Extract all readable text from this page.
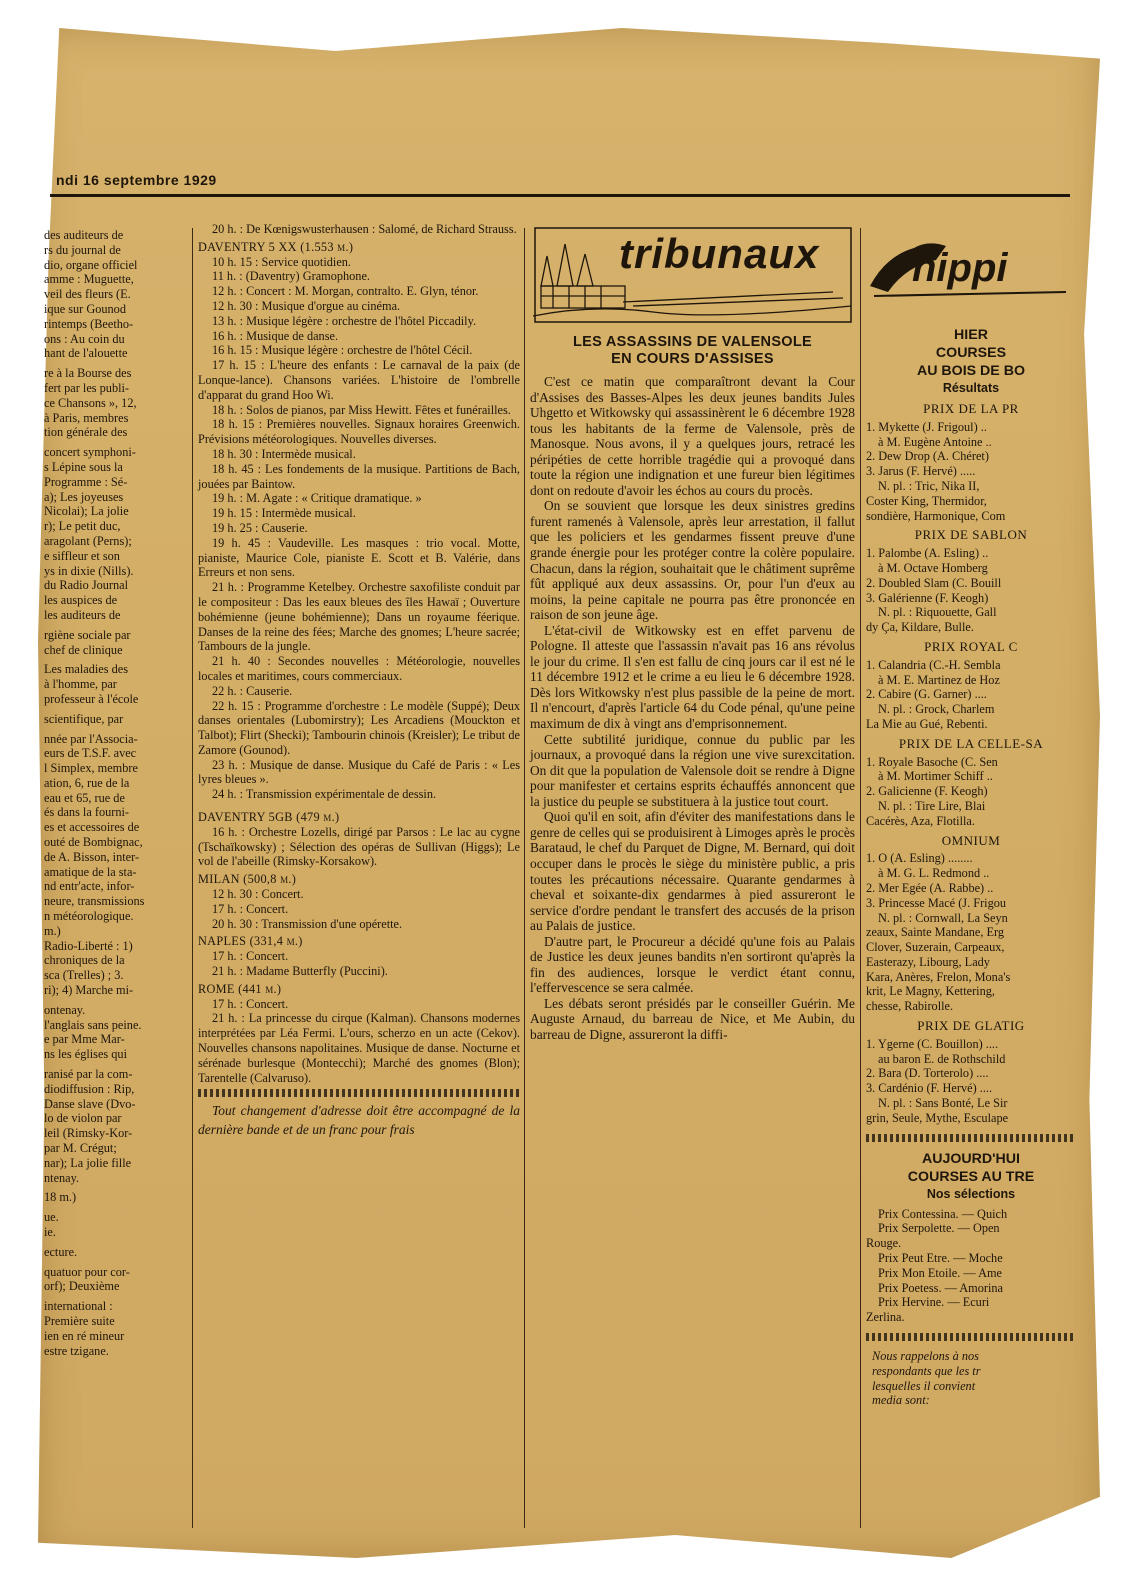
ndi 16 septembre 1929

des auditeurs de

rs du journal de

dio, organe officiel

amme : Muguette,

veil des fleurs (E.

ique sur Gounod

rintemps (Beetho-

ons : Au coin du

hant de l'alouette

re à la Bourse des

fert par les publi-

ce Chansons », 12,

à Paris, membres

tion générale des

concert symphoni-

s Lépine sous la

Programme : Sé-

a); Les joyeuses

Nicolai); La jolie

r); Le petit duc,

aragolant (Perns);

e siffleur et son

ys in dixie (Nills).

du Radio Journal

les auspices de

les auditeurs de

rgiène sociale par

chef de clinique

Les maladies des

à l'homme, par

professeur à l'école

scientifique, par

nnée par l'Associa-

eurs de T.S.F. avec

l Simplex, membre

ation, 6, rue de la

eau et 65, rue de

és dans la fourni-

es et accessoires de

outé de Bombignac,

de A. Bisson, inter-

amatique de la sta-

nd entr'acte, infor-

neure, transmissions

n météorologique.

m.)

Radio-Liberté : 1)

chroniques de la

sca (Trelles) ; 3.

ri); 4) Marche mi-

ontenay.

l'anglais sans peine.

e par Mme Mar-

ns les églises qui

ranisé par la com-

diodiffusion : Rip,

Danse slave (Dvo-

lo de violon par

leil (Rimsky-Kor-

par M. Crégut;

nar); La jolie fille

ntenay.

18 m.)

ue.

ie.

ecture.

quatuor pour cor-

orf); Deuxième

international :

Première suite

ien en ré mineur

estre tzigane.

20 h. : De Kœnigswusterhausen : Salomé, de Richard Strauss.

DAVENTRY 5 XX (1.553 m.)

10 h. 15 : Service quotidien.

11 h. : (Daventry) Gramophone.

12 h. : Concert : M. Morgan, contralto. E. Glyn, ténor.

12 h. 30 : Musique d'orgue au cinéma.

13 h. : Musique légère : orchestre de l'hôtel Piccadily.

16 h. : Musique de danse.

16 h. 15 : Musique légère : orchestre de l'hôtel Cécil.

17 h. 15 : L'heure des enfants : Le carnaval de la paix (de Lonque-lance). Chansons variées. L'histoire de l'ombrelle d'apparat du grand Hoo Wi.

18 h. : Solos de pianos, par Miss Hewitt. Fêtes et funérailles.

18 h. 15 : Premières nouvelles. Signaux horaires Greenwich. Prévisions météorologiques. Nouvelles diverses.

18 h. 30 : Intermède musical.

18 h. 45 : Les fondements de la musique. Partitions de Bach, jouées par Baintow.

19 h. : M. Agate : « Critique dramatique. »

19 h. 15 : Intermède musical.

19 h. 25 : Causerie.

19 h. 45 : Vaudeville. Les masques : trio vocal. Motte, pianiste, Maurice Cole, pianiste E. Scott et B. Valérie, dans Erreurs et non sens.

21 h. : Programme Ketelbey. Orchestre saxofiliste conduit par le compositeur : Das les eaux bleues des îles Hawaï ; Ouverture bohémienne (jeune bohémienne); Dans un royaume féerique. Danses de la reine des fées; Marche des gnomes; L'heure sacrée; Tambours de la jungle.

21 h. 40 : Secondes nouvelles : Météorologie, nouvelles locales et maritimes, cours commerciaux.

22 h. : Causerie.

22 h. 15 : Programme d'orchestre : Le modèle (Suppé); Deux danses orientales (Lubomirstry); Les Arcadiens (Mouckton et Talbot); Flirt (Shecki); Tambourin chinois (Kreisler); Le tribut de Zamore (Gounod).

23 h. : Musique de danse. Musique du Café de Paris : « Les lyres bleues ».

24 h. : Transmission expérimentale de dessin.

DAVENTRY 5GB (479 m.)

16 h. : Orchestre Lozells, dirigé par Parsos : Le lac au cygne (Tschaïkowsky) ; Sélection des opéras de Sullivan (Higgs); Le vol de l'abeille (Rimsky-Korsakow).

MILAN (500,8 m.)

12 h. 30 : Concert.

17 h. : Concert.

20 h. 30 : Transmission d'une opérette.

NAPLES (331,4 m.)

17 h. : Concert.

21 h. : Madame Butterfly (Puccini).

ROME (441 m.)

17 h. : Concert.

21 h. : La princesse du cirque (Kalman). Chansons modernes interprétées par Léa Fermi. L'ours, scherzo en un acte (Cekov). Nouvelles chansons napolitaines. Musique de danse. Nocturne et sérénade burlesque (Montecchi); Marché des gnomes (Blon); Tarentelle (Calvaruso).

Tout changement d'adresse doit être accompagné de la dernière bande et de un franc pour frais

tribunaux
LES ASSASSINS DE VALENSOLE
EN COURS D'ASSISES

C'est ce matin que comparaîtront devant la Cour d'Assises des Basses-Alpes les deux jeunes bandits Jules Uhgetto et Witkowsky qui assassinèrent le 6 décembre 1928 tous les habitants de la ferme de Valensole, près de Manosque. Nous avons, il y a quelques jours, retracé les péripéties de cette horrible tragédie qui a provoqué dans toute la région une indignation et une fureur bien légitimes dont on redoute d'avoir les échos au cours du procès.

On se souvient que lorsque les deux sinistres gredins furent ramenés à Valensole, après leur arrestation, il fallut que les policiers et les gendarmes fissent preuve d'une grande énergie pour les protéger contre la colère populaire. Chacun, dans la région, souhaitait que le châtiment suprême fût appliqué aux deux assassins. Or, pour l'un d'eux au moins, la peine capitale ne pourra pas être prononcée en raison de son jeune âge.

L'état-civil de Witkowsky est en effet parvenu de Pologne. Il atteste que l'assassin n'avait pas 16 ans révolus le jour du crime. Il s'en est fallu de cinq jours car il est né le 11 décembre 1912 et le crime a eu lieu le 6 décembre 1928. Dès lors Witkowsky n'est plus passible de la peine de mort. Il n'encourt, d'après l'article 64 du Code pénal, qu'une peine maximum de dix à vingt ans d'emprisonnement.

Cette subtilité juridique, connue du public par les journaux, a provoqué dans la région une vive surexcitation. On dit que la population de Valensole doit se rendre à Digne pour manifester et certains esprits échauffés annoncent que la justice du peuple se substituera à la justice tout court.

Quoi qu'il en soit, afin d'éviter des manifestations dans le genre de celles qui se produisirent à Limoges après le procès Barataud, le chef du Parquet de Digne, M. Bernard, qui doit occuper dans le procès le siège du ministère public, a pris toutes les précautions nécessaire. Quarante gendarmes à cheval et soixante-dix gendarmes à pied assureront le service d'ordre pendant le transfert des accusés de la prison au Palais de justice.

D'autre part, le Procureur a décidé qu'une fois au Palais de Justice les deux jeunes bandits n'en sortiront qu'après la fin des audiences, lorsque le verdict étant connu, l'effervescence se sera calmée.

Les débats seront présidés par le conseiller Guérin. Me Auguste Arnaud, du barreau de Nice, et Me Aubin, du barreau de Digne, assureront la diffi-

hippi

HIER

COURSES

AU BOIS DE BO

Résultats

PRIX DE LA PR

1. Mykette (J. Frigoul) ..

à M. Eugène Antoine ..

2. Dew Drop (A. Chéret)

3. Jarus (F. Hervé) .....

N. pl. : Tric, Nika II,

Coster King, Thermidor,

sondière, Harmonique, Com

PRIX DE SABLON

1. Palombe (A. Esling) ..

à M. Octave Homberg

2. Doubled Slam (C. Bouill

3. Galérienne (F. Keogh)

N. pl. : Riquouette, Gall

dy Ça, Kildare, Bulle.

PRIX ROYAL C

1. Calandria (C.-H. Sembla

à M. E. Martinez de Hoz

2. Cabire (G. Garner) ....

N. pl. : Grock, Charlem

La Mie au Gué, Rebenti.

PRIX DE LA CELLE-SA

1. Royale Basoche (C. Sen

à M. Mortimer Schiff ..

2. Galicienne (F. Keogh)

N. pl. : Tire Lire, Blai

Cacérès, Aza, Flotilla.

OMNIUM

1. O (A. Esling) ........

à M. G. L. Redmond ..

2. Mer Egée (A. Rabbe) ..

3. Princesse Macé (J. Frigou

N. pl. : Cornwall, La Seyn

zeaux, Sainte Mandane, Erg

Clover, Suzerain, Carpeaux,

Easterazy, Libourg, Lady

Kara, Anères, Frelon, Mona's

krit, Le Magny, Kettering,

chesse, Rabirolle.

PRIX DE GLATIG

1. Ygerne (C. Bouillon) ....

au baron E. de Rothschild

2. Bara (D. Torterolo) ....

3. Cardénio (F. Hervé) ....

N. pl. : Sans Bonté, Le Sir

grin, Seule, Mythe, Esculape

AUJOURD'HUI

COURSES AU TRE

Nos sélections

Prix Contessina. — Quich

Prix Serpolette. — Open

Rouge.

Prix Peut Etre. — Moche

Prix Mon Etoile. — Ame

Prix Poetess. — Amorina

Prix Hervine. — Ecuri

Zerlina.

Nous rappelons à nos

respondants que les tr

lesquelles il convient

media sont:
